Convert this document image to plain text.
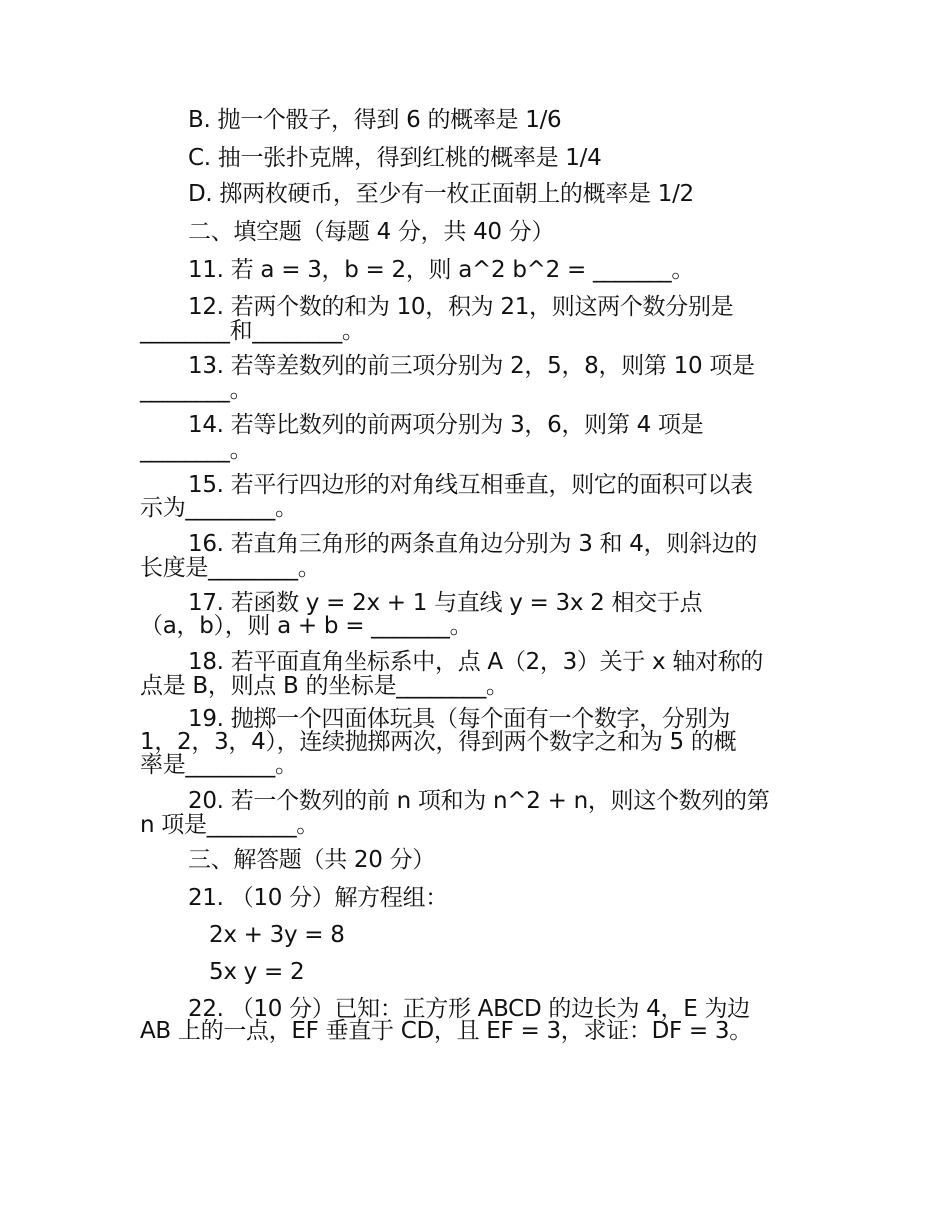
B. 抛一个骰子，得到 6 的概率是 1/6

C. 抽一张扑克牌，得到红桃的概率是 1/4

D. 掷两枚硬币，至少有一枚正面朝上的概率是 1/2

二、填空题（每题 4 分，共 40 分）

11. 若 a = 3，b = 2，则 a^2 b^2 = _______。

12. 若两个数的和为 10，积为 21，则这两个数分别是

________和________。

13. 若等差数列的前三项分别为 2，5，8，则第 10 项是

________。

14. 若等比数列的前两项分别为 3，6，则第 4 项是

________。

15. 若平行四边形的对角线互相垂直，则它的面积可以表

示为________。

16. 若直角三角形的两条直角边分别为 3 和 4，则斜边的

长度是________。

17. 若函数 y = 2x + 1 与直线 y = 3x 2 相交于点

（a，b），则 a + b = _______。

18. 若平面直角坐标系中，点 A（2，3）关于 x 轴对称的

点是 B，则点 B 的坐标是________。

19. 抛掷一个四面体玩具（每个面有一个数字，分别为

1，2，3，4），连续抛掷两次，得到两个数字之和为 5 的概

率是________。

20. 若一个数列的前 n 项和为 n^2 + n，则这个数列的第

n 项是________。

三、解答题（共 20 分）

21. （10 分）解方程组：

2x + 3y = 8

5x y = 2

22. （10 分）已知：正方形 ABCD 的边长为 4，E 为边

AB 上的一点，EF 垂直于 CD，且 EF = 3，求证：DF = 3。
